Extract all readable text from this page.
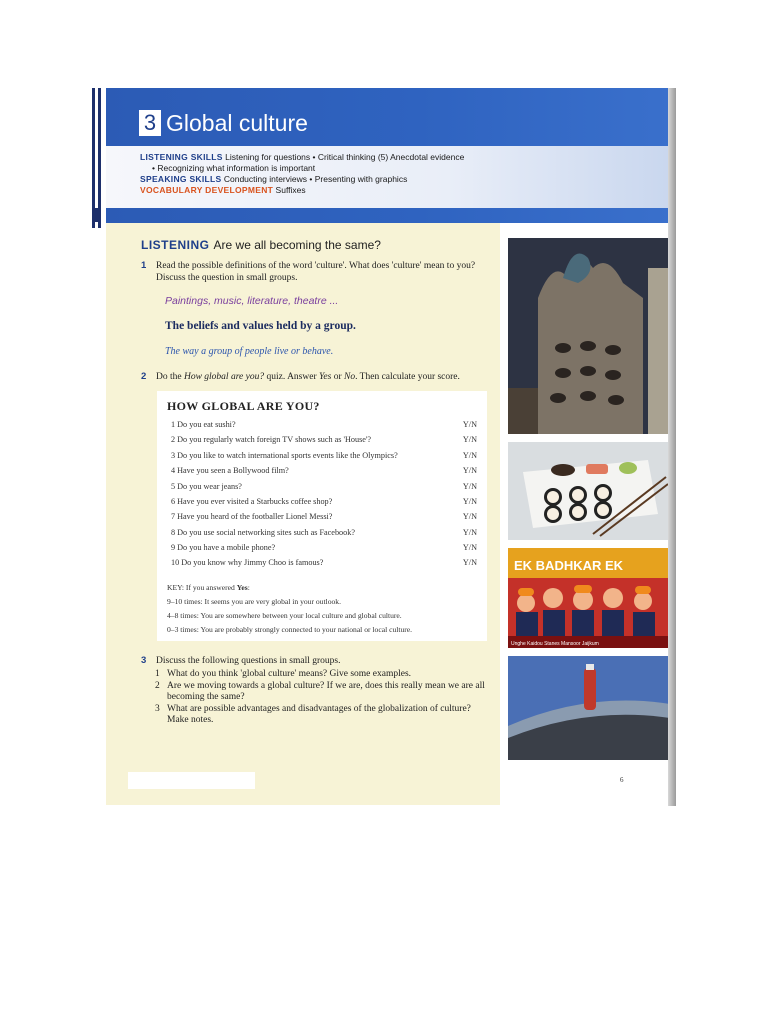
3 Global culture
LISTENING SKILLS Listening for questions • Critical thinking (5) Anecdotal evidence
• Recognizing what information is important
SPEAKING SKILLS Conducting interviews • Presenting with graphics
VOCABULARY DEVELOPMENT Suffixes
LISTENING Are we all becoming the same?
1	Read the possible definitions of the word 'culture'. What does 'culture' mean to you? Discuss the question in small groups.
Paintings, music, literature, theatre ...
The beliefs and values held by a group.
The way a group of people live or behave.
2	Do the How global are you? quiz. Answer Yes or No. Then calculate your score.
HOW GLOBAL ARE YOU?
1 Do you eat sushi?	Y/N
2 Do you regularly watch foreign TV shows such as 'House'?	Y/N
3 Do you like to watch international sports events like the Olympics?	Y/N
4 Have you seen a Bollywood film?	Y/N
5 Do you wear jeans?	Y/N
6 Have you ever visited a Starbucks coffee shop?	Y/N
7 Have you heard of the footballer Lionel Messi?	Y/N
8 Do you use social networking sites such as Facebook?	Y/N
9 Do you have a mobile phone?	Y/N
10 Do you know why Jimmy Choo is famous?	Y/N
KEY: If you answered Yes:
9–10 times: It seems you are very global in your outlook.
4–8 times: You are somewhere between your local culture and global culture.
0–3 times: You are probably strongly connected to your national or local culture.
3	Discuss the following questions in small groups.
1 What do you think 'global culture' means? Give some examples.
2 Are we moving towards a global culture? If we are, does this really mean we are all becoming the same?
3 What are possible advantages and disadvantages of the globalization of culture? Make notes.
6
EK BADHKAR EK
Unghe Kaidou Stanes Mansoor Jaijkum
